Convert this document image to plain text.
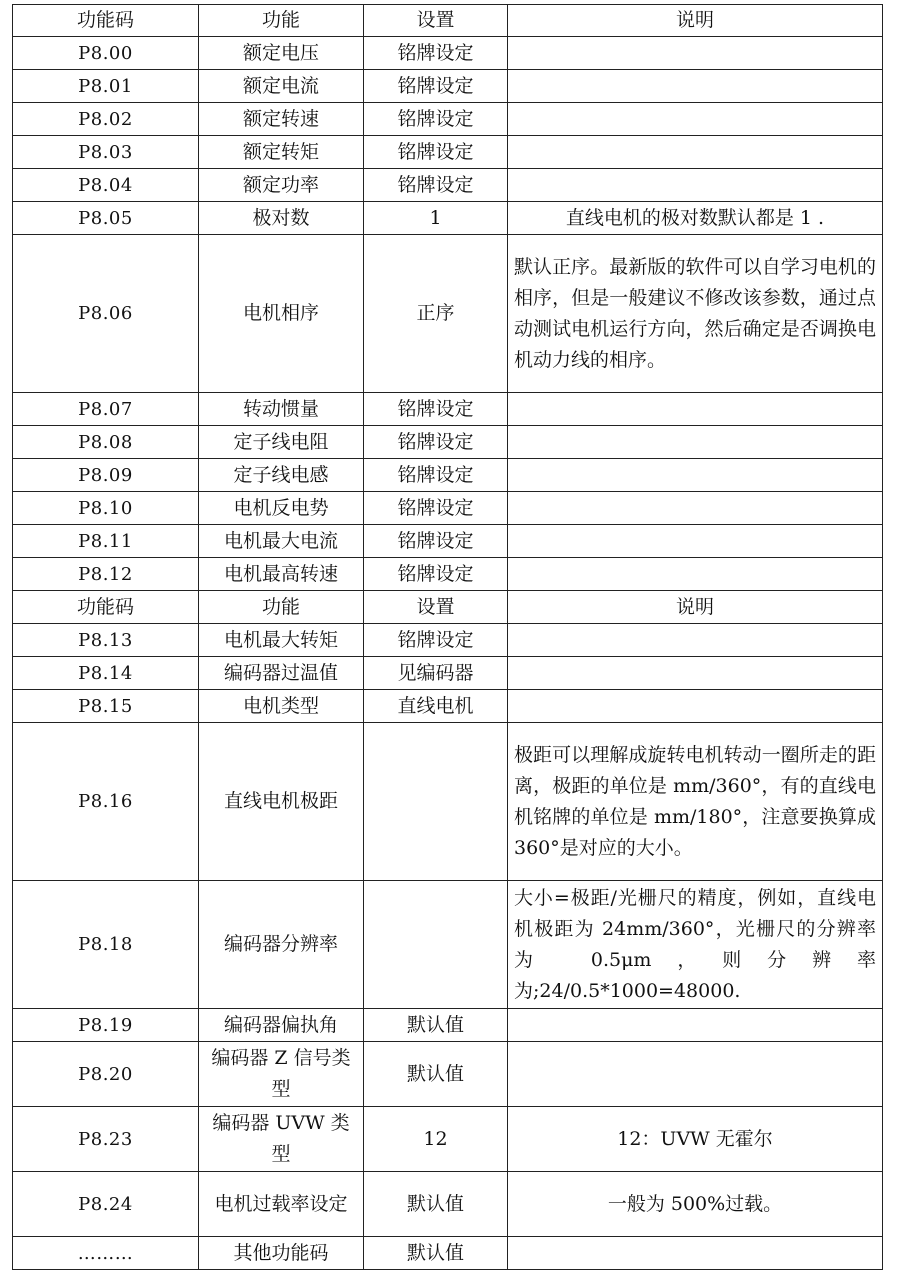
功能码	功能	设置	说明
P8.00	额定电压	铭牌设定	
P8.01	额定电流	铭牌设定	
P8.02	额定转速	铭牌设定	
P8.03	额定转矩	铭牌设定	
P8.04	额定功率	铭牌设定	
P8.05	极对数	1	直线电机的极对数默认都是 1 .
P8.06	电机相序	正序	默认正序。最新版的软件可以自学习电机的相序，但是一般建议不修改该参数，通过点动测试电机运行方向，然后确定是否调换电机动力线的相序。
P8.07	转动惯量	铭牌设定	
P8.08	定子线电阻	铭牌设定	
P8.09	定子线电感	铭牌设定	
P8.10	电机反电势	铭牌设定	
P8.11	电机最大电流	铭牌设定	
P8.12	电机最高转速	铭牌设定	
功能码	功能	设置	说明
P8.13	电机最大转矩	铭牌设定	
P8.14	编码器过温值	见编码器	
P8.15	电机类型	直线电机	
P8.16	直线电机极距		极距可以理解成旋转电机转动一圈所走的距离，极距的单位是 mm/360°，有的直线电机铭牌的单位是 mm/180°，注意要换算成 360°是对应的大小。
P8.18	编码器分辨率		大小=极距/光栅尺的精度，例如，直线电机极距为 24mm/360°，光栅尺的分辨率为 0.5μm，则分辨率为;24/0.5*1000=48000.
P8.19	编码器偏执角	默认值	
P8.20	编码器 Z 信号类型	默认值	
P8.23	编码器 UVW 类型	12	12：UVW 无霍尔
P8.24	电机过载率设定	默认值	一般为 500%过载。
………	其他功能码	默认值	
